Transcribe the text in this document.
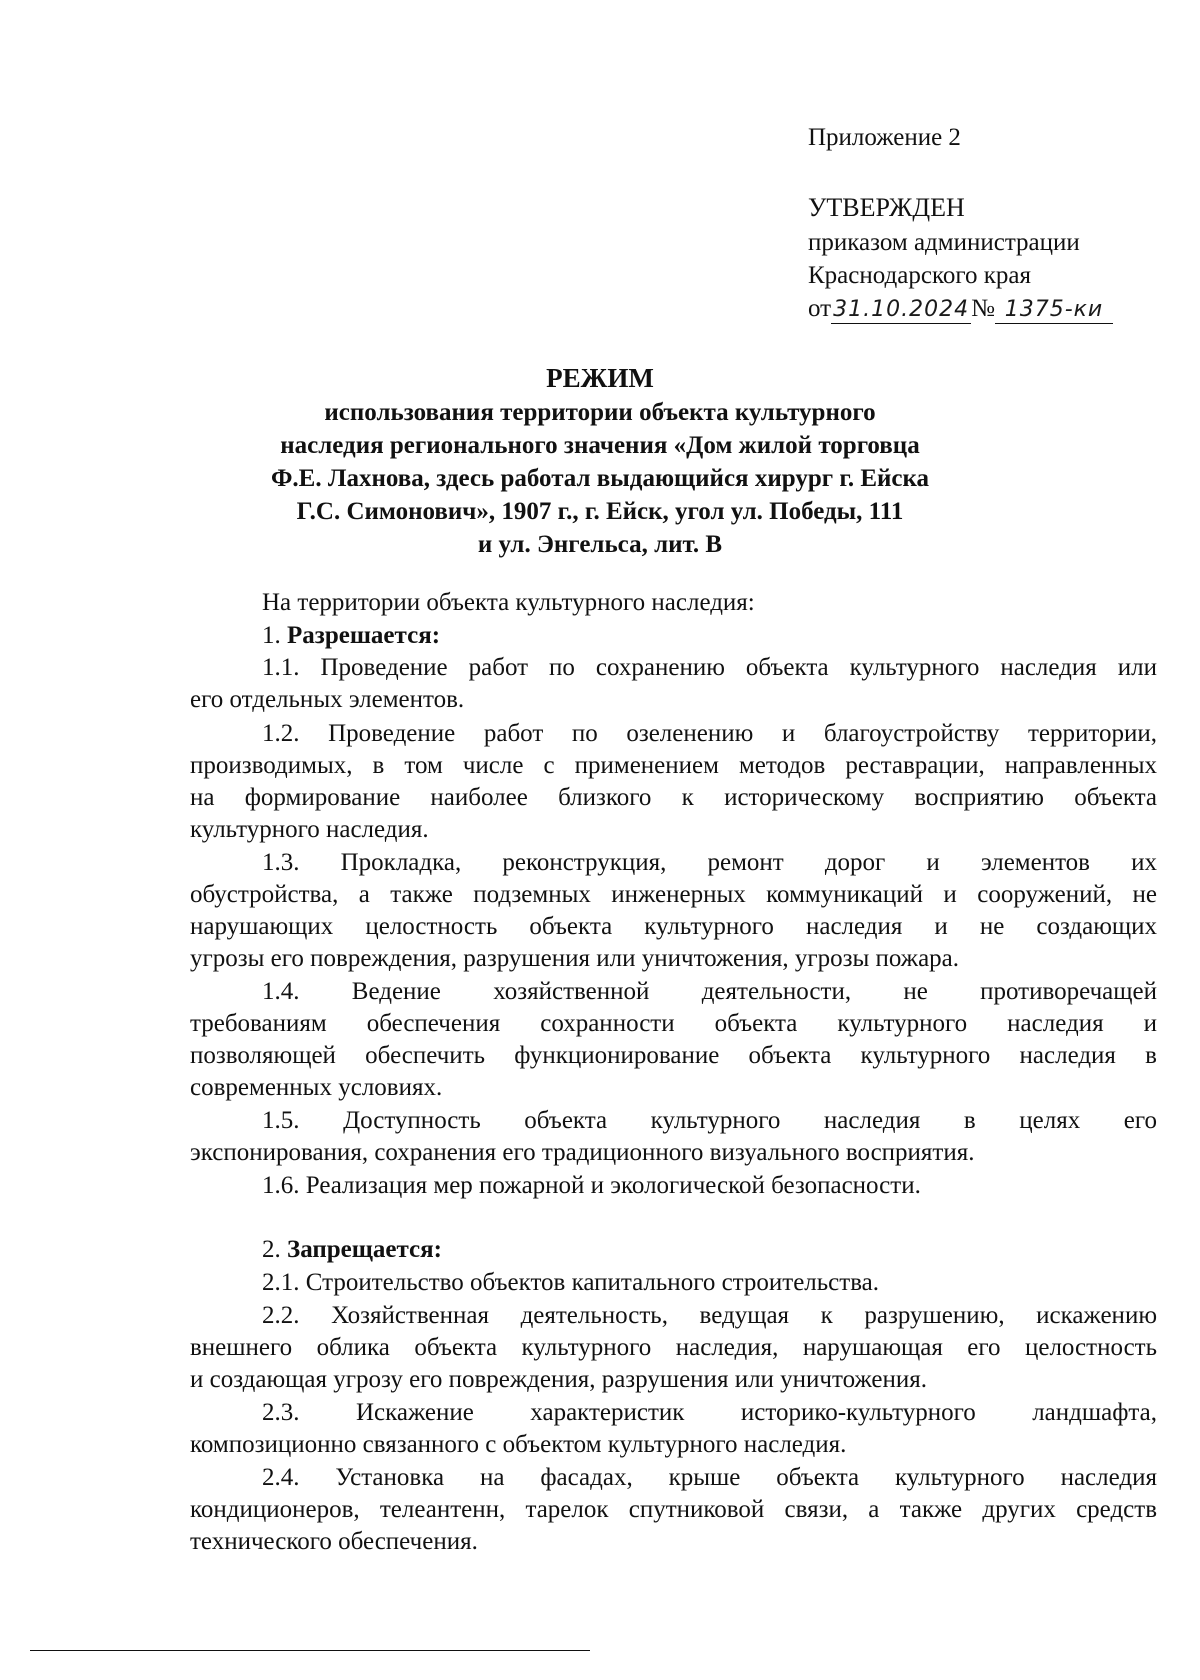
Приложение 2
УТВЕРЖДЕН
приказом администрации
Краснодарского края
от31.10.2024№ 1375-ки
РЕЖИМ
использования территории объекта культурного
наследия регионального значения «Дом жилой торговца
Ф.Е. Лахнова, здесь работал выдающийся хирург г. Ейска
Г.С. Симонович», 1907 г., г. Ейск, угол ул. Победы, 111
и ул. Энгельса, лит. В
На территории объекта культурного наследия:
1. Разрешается:
1.1. Проведение работ по сохранению объекта культурного наследия или
его отдельных элементов.
1.2. Проведение работ по озеленению и благоустройству территории,
производимых, в том числе с применением методов реставрации, направленных
на формирование наиболее близкого к историческому восприятию объекта
культурного наследия.
1.3. Прокладка, реконструкция, ремонт дорог и элементов их
обустройства, а также подземных инженерных коммуникаций и сооружений, не
нарушающих целостность объекта культурного наследия и не создающих
угрозы его повреждения, разрушения или уничтожения, угрозы пожара.
1.4. Ведение хозяйственной деятельности, не противоречащей
требованиям обеспечения сохранности объекта культурного наследия и
позволяющей обеспечить функционирование объекта культурного наследия в
современных условиях.
1.5. Доступность объекта культурного наследия в целях его
экспонирования, сохранения его традиционного визуального восприятия.
1.6. Реализация мер пожарной и экологической безопасности.
2. Запрещается:
2.1. Строительство объектов капитального строительства.
2.2. Хозяйственная деятельность, ведущая к разрушению, искажению
внешнего облика объекта культурного наследия, нарушающая его целостность
и создающая угрозу его повреждения, разрушения или уничтожения.
2.3. Искажение характеристик историко-культурного ландшафта,
композиционно связанного с объектом культурного наследия.
2.4. Установка на фасадах, крыше объекта культурного наследия
кондиционеров, телеантенн, тарелок спутниковой связи, а также других средств
технического обеспечения.
